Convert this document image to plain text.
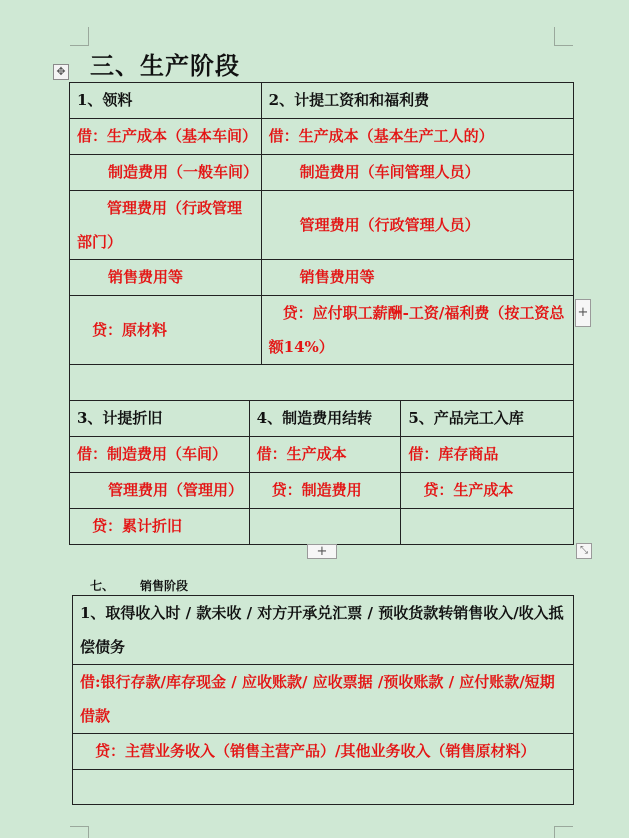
✥ 三、生产阶段
1、领料	2、计提工资和和福利费
借：生产成本（基本车间）	借：生产成本（基本生产工人的）
制造费用（一般车间）	制造费用（车间管理人员）
管理费用（行政管理部门）	管理费用（行政管理人员）
销售费用等	销售费用等
贷：原材料	贷：应付职工薪酬-工资/福利费（按工资总额14%）

+
3、计提折旧	4、制造费用结转	5、产品完工入库
借：制造费用（车间）	借：生产成本	借：库存商品
管理费用（管理用）	贷：制造费用	贷：生产成本
贷：累计折旧		
+	⤡
七、 销售阶段
1、取得收入时 / 款未收 / 对方开承兑汇票 / 预收货款转销售收入/收入抵偿债务
借:银行存款/库存现金 / 应收账款/ 应收票据 /预收账款 / 应付账款/短期借款
贷：主营业务收入（销售主营产品）/其他业务收入（销售原材料）
